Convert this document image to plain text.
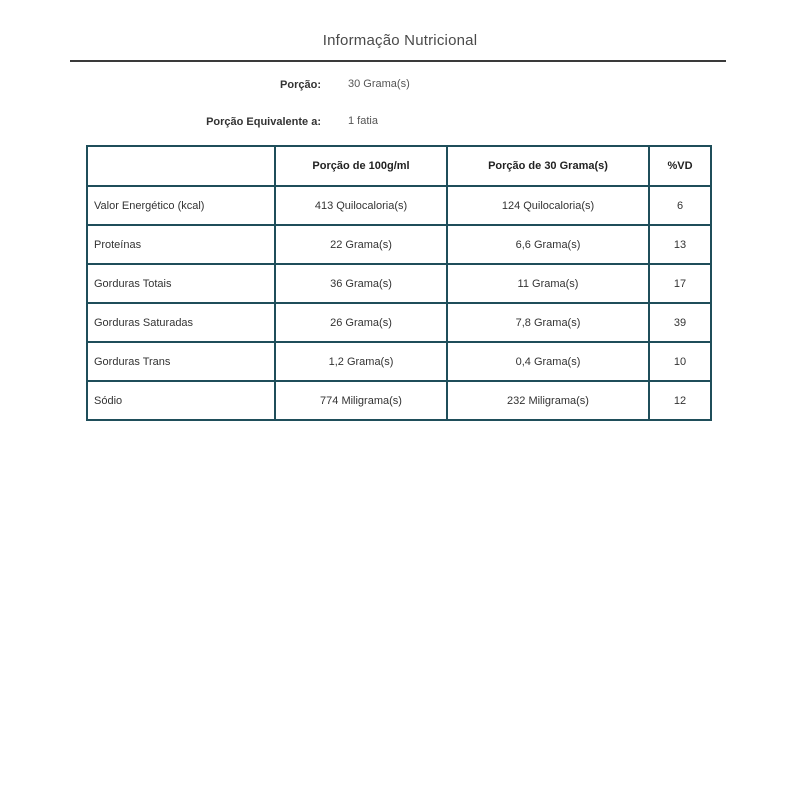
Informação Nutricional
Porção: 30 Grama(s)
Porção Equivalente a: 1 fatia
	Porção de 100g/ml	Porção de 30 Grama(s)	%VD
Valor Energético (kcal)	413 Quilocaloria(s)	124 Quilocaloria(s)	6
Proteínas	22 Grama(s)	6,6 Grama(s)	13
Gorduras Totais	36 Grama(s)	11 Grama(s)	17
Gorduras Saturadas	26 Grama(s)	7,8 Grama(s)	39
Gorduras Trans	1,2 Grama(s)	0,4 Grama(s)	10
Sódio	774 Miligrama(s)	232 Miligrama(s)	12
